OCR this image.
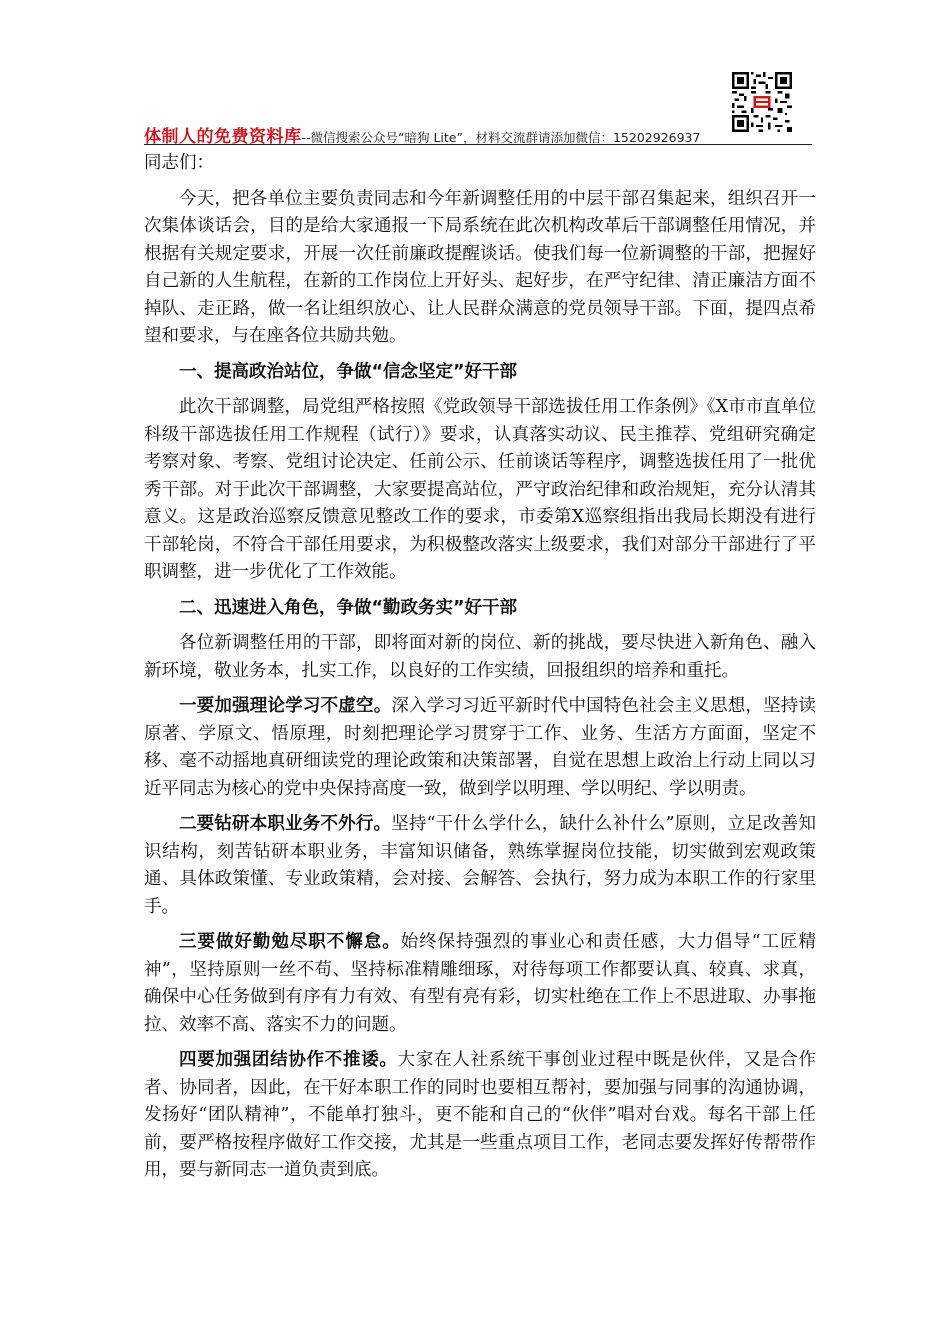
体制人的免费资料库--微信搜索公众号“暗狗 Lite”，材料交流群请添加微信：15202926937

同志们：

今天，把各单位主要负责同志和今年新调整任用的中层干部召集起来，组织召开一次集体谈话会，目的是给大家通报一下局系统在此次机构改革后干部调整任用情况，并根据有关规定要求，开展一次任前廉政提醒谈话。使我们每一位新调整的干部，把握好自己新的人生航程，在新的工作岗位上开好头、起好步，在严守纪律、清正廉洁方面不掉队、走正路，做一名让组织放心、让人民群众满意的党员领导干部。下面，提四点希望和要求，与在座各位共励共勉。

一、提高政治站位，争做“信念坚定”好干部

此次干部调整，局党组严格按照《党政领导干部选拔任用工作条例》《X市市直单位科级干部选拔任用工作规程（试行）》要求，认真落实动议、民主推荐、党组研究确定考察对象、考察、党组讨论决定、任前公示、任前谈话等程序，调整选拔任用了一批优秀干部。对于此次干部调整，大家要提高站位，严守政治纪律和政治规矩，充分认清其意义。这是政治巡察反馈意见整改工作的要求，市委第X巡察组指出我局长期没有进行干部轮岗，不符合干部任用要求，为积极整改落实上级要求，我们对部分干部进行了平职调整，进一步优化了工作效能。

二、迅速进入角色，争做“勤政务实”好干部

各位新调整任用的干部，即将面对新的岗位、新的挑战，要尽快进入新角色、融入新环境，敬业务本，扎实工作，以良好的工作实绩，回报组织的培养和重托。

一要加强理论学习不虚空。深入学习习近平新时代中国特色社会主义思想，坚持读原著、学原文、悟原理，时刻把理论学习贯穿于工作、业务、生活方方面面，坚定不移、毫不动摇地真研细读党的理论政策和决策部署，自觉在思想上政治上行动上同以习近平同志为核心的党中央保持高度一致，做到学以明理、学以明纪、学以明责。

二要钻研本职业务不外行。坚持“干什么学什么，缺什么补什么”原则，立足改善知识结构，刻苦钻研本职业务，丰富知识储备，熟练掌握岗位技能，切实做到宏观政策通、具体政策懂、专业政策精，会对接、会解答、会执行，努力成为本职工作的行家里手。

三要做好勤勉尽职不懈怠。始终保持强烈的事业心和责任感，大力倡导“工匠精神”，坚持原则一丝不苟、坚持标准精雕细琢，对待每项工作都要认真、较真、求真，确保中心任务做到有序有力有效、有型有亮有彩，切实杜绝在工作上不思进取、办事拖拉、效率不高、落实不力的问题。

四要加强团结协作不推诿。大家在人社系统干事创业过程中既是伙伴，又是合作者、协同者，因此，在干好本职工作的同时也要相互帮衬，要加强与同事的沟通协调，发扬好“团队精神”，不能单打独斗，更不能和自己的“伙伴”唱对台戏。每名干部上任前，要严格按程序做好工作交接，尤其是一些重点项目工作，老同志要发挥好传帮带作用，要与新同志一道负责到底。
